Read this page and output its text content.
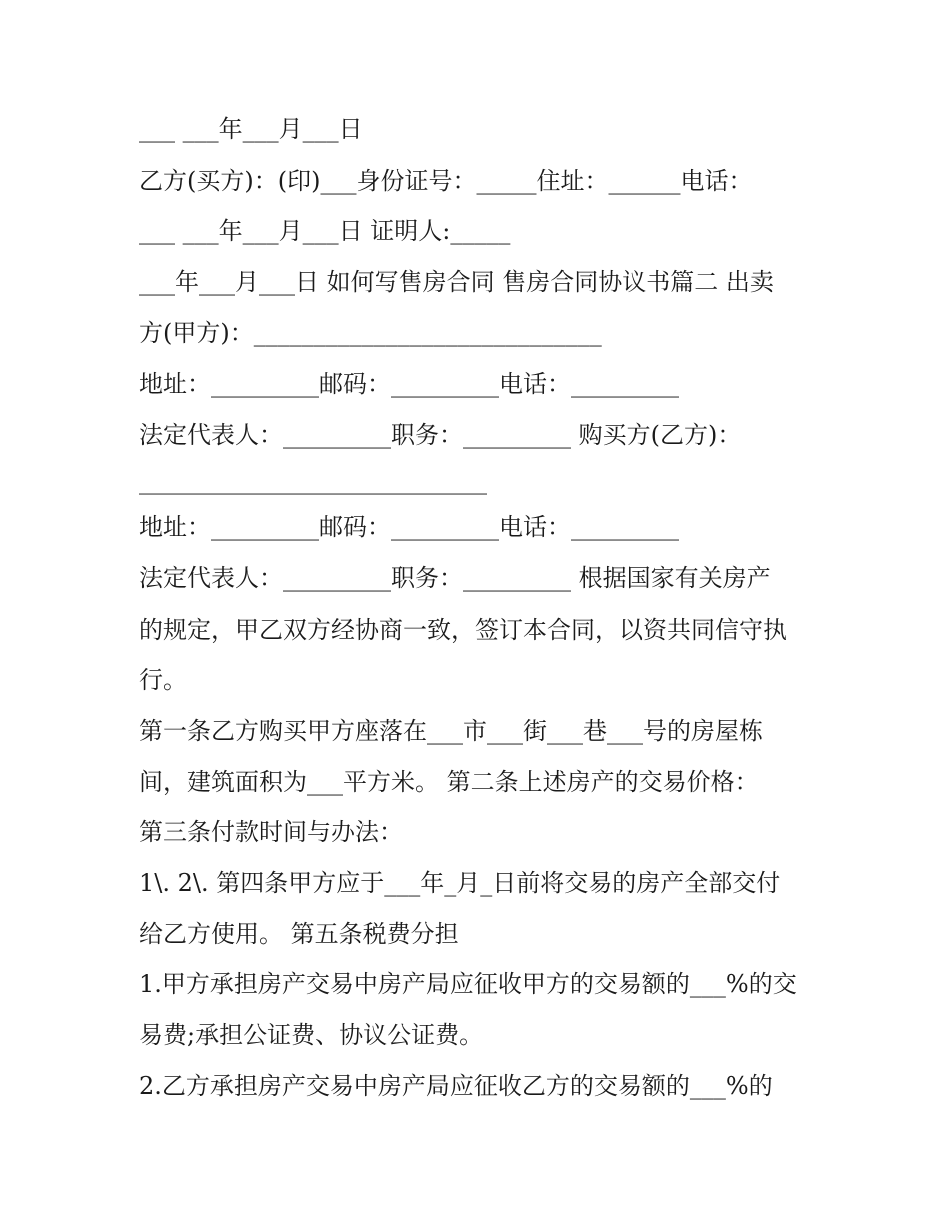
___ ___年___月___日
乙方(买方)：(印)___身份证号：_____住址：______电话：
___ ___年___月___日 证明人:_____
___年___月___日 如何写售房合同 售房合同协议书篇二 出卖
方(甲方)：_____________________________
地址：_________邮码：_________电话：_________
法定代表人：_________职务：_________ 购买方(乙方)：
_____________________________
地址：_________邮码：_________电话：_________
法定代表人：_________职务：_________ 根据国家有关房产
的规定，甲乙双方经协商一致，签订本合同，以资共同信守执
行。
第一条乙方购买甲方座落在___市___街___巷___号的房屋栋
间，建筑面积为___平方米。 第二条上述房产的交易价格：
第三条付款时间与办法：
1\. 2\. 第四条甲方应于___年_月_日前将交易的房产全部交付
给乙方使用。 第五条税费分担
1.甲方承担房产交易中房产局应征收甲方的交易额的___%的交
易费;承担公证费、协议公证费。
2.乙方承担房产交易中房产局应征收乙方的交易额的___%的
